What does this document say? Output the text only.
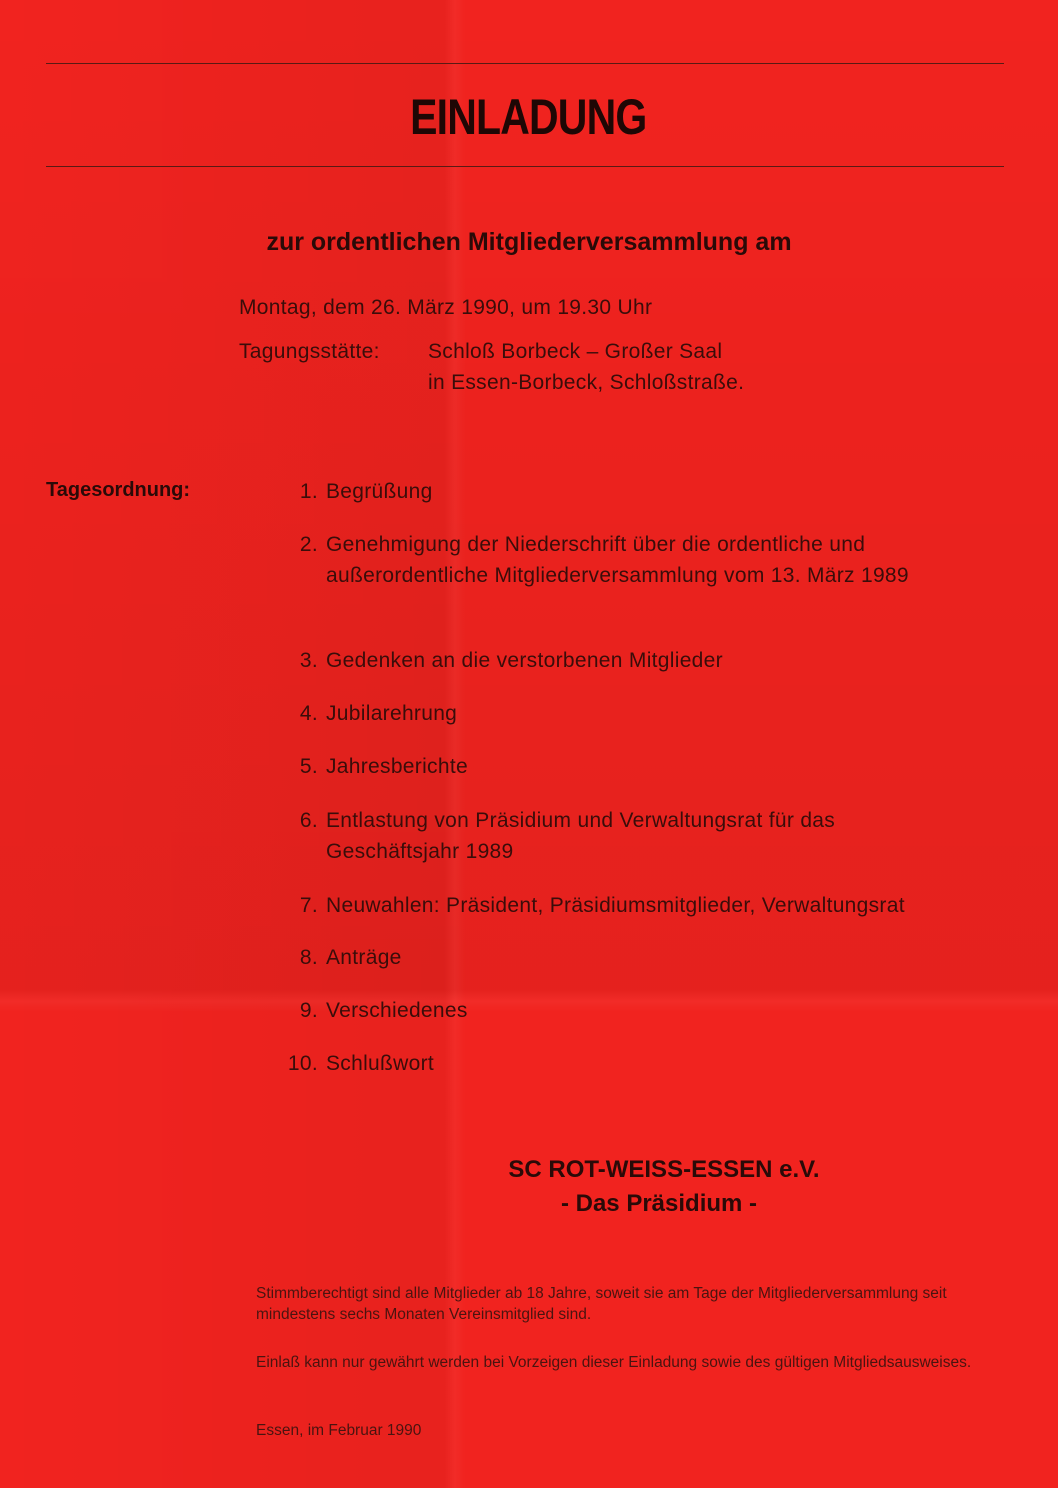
EINLADUNG
zur ordentlichen Mitgliederversammlung am
Montag, dem 26. März 1990, um 19.30 Uhr
Tagungsstätte: Schloß Borbeck – Großer Saal
in Essen-Borbeck, Schloßstraße.
Tagesordnung:	1. Begrüßung
2. Genehmigung der Niederschrift über die ordentliche und außerordentliche Mitgliederversammlung vom 13. März 1989
3. Gedenken an die verstorbenen Mitglieder
4. Jubilarehrung
5. Jahresberichte
6. Entlastung von Präsidium und Verwaltungsrat für das Geschäftsjahr 1989
7. Neuwahlen: Präsident, Präsidiumsmitglieder, Verwaltungsrat
8. Anträge
9. Verschiedenes
10. Schlußwort
SC ROT-WEISS-ESSEN e.V.
- Das Präsidium -
Stimmberechtigt sind alle Mitglieder ab 18 Jahre, soweit sie am Tage der Mitgliederversammlung seit mindestens sechs Monaten Vereinsmitglied sind.
Einlaß kann nur gewährt werden bei Vorzeigen dieser Einladung sowie des gültigen Mitgliedsausweises.
Essen, im Februar 1990
